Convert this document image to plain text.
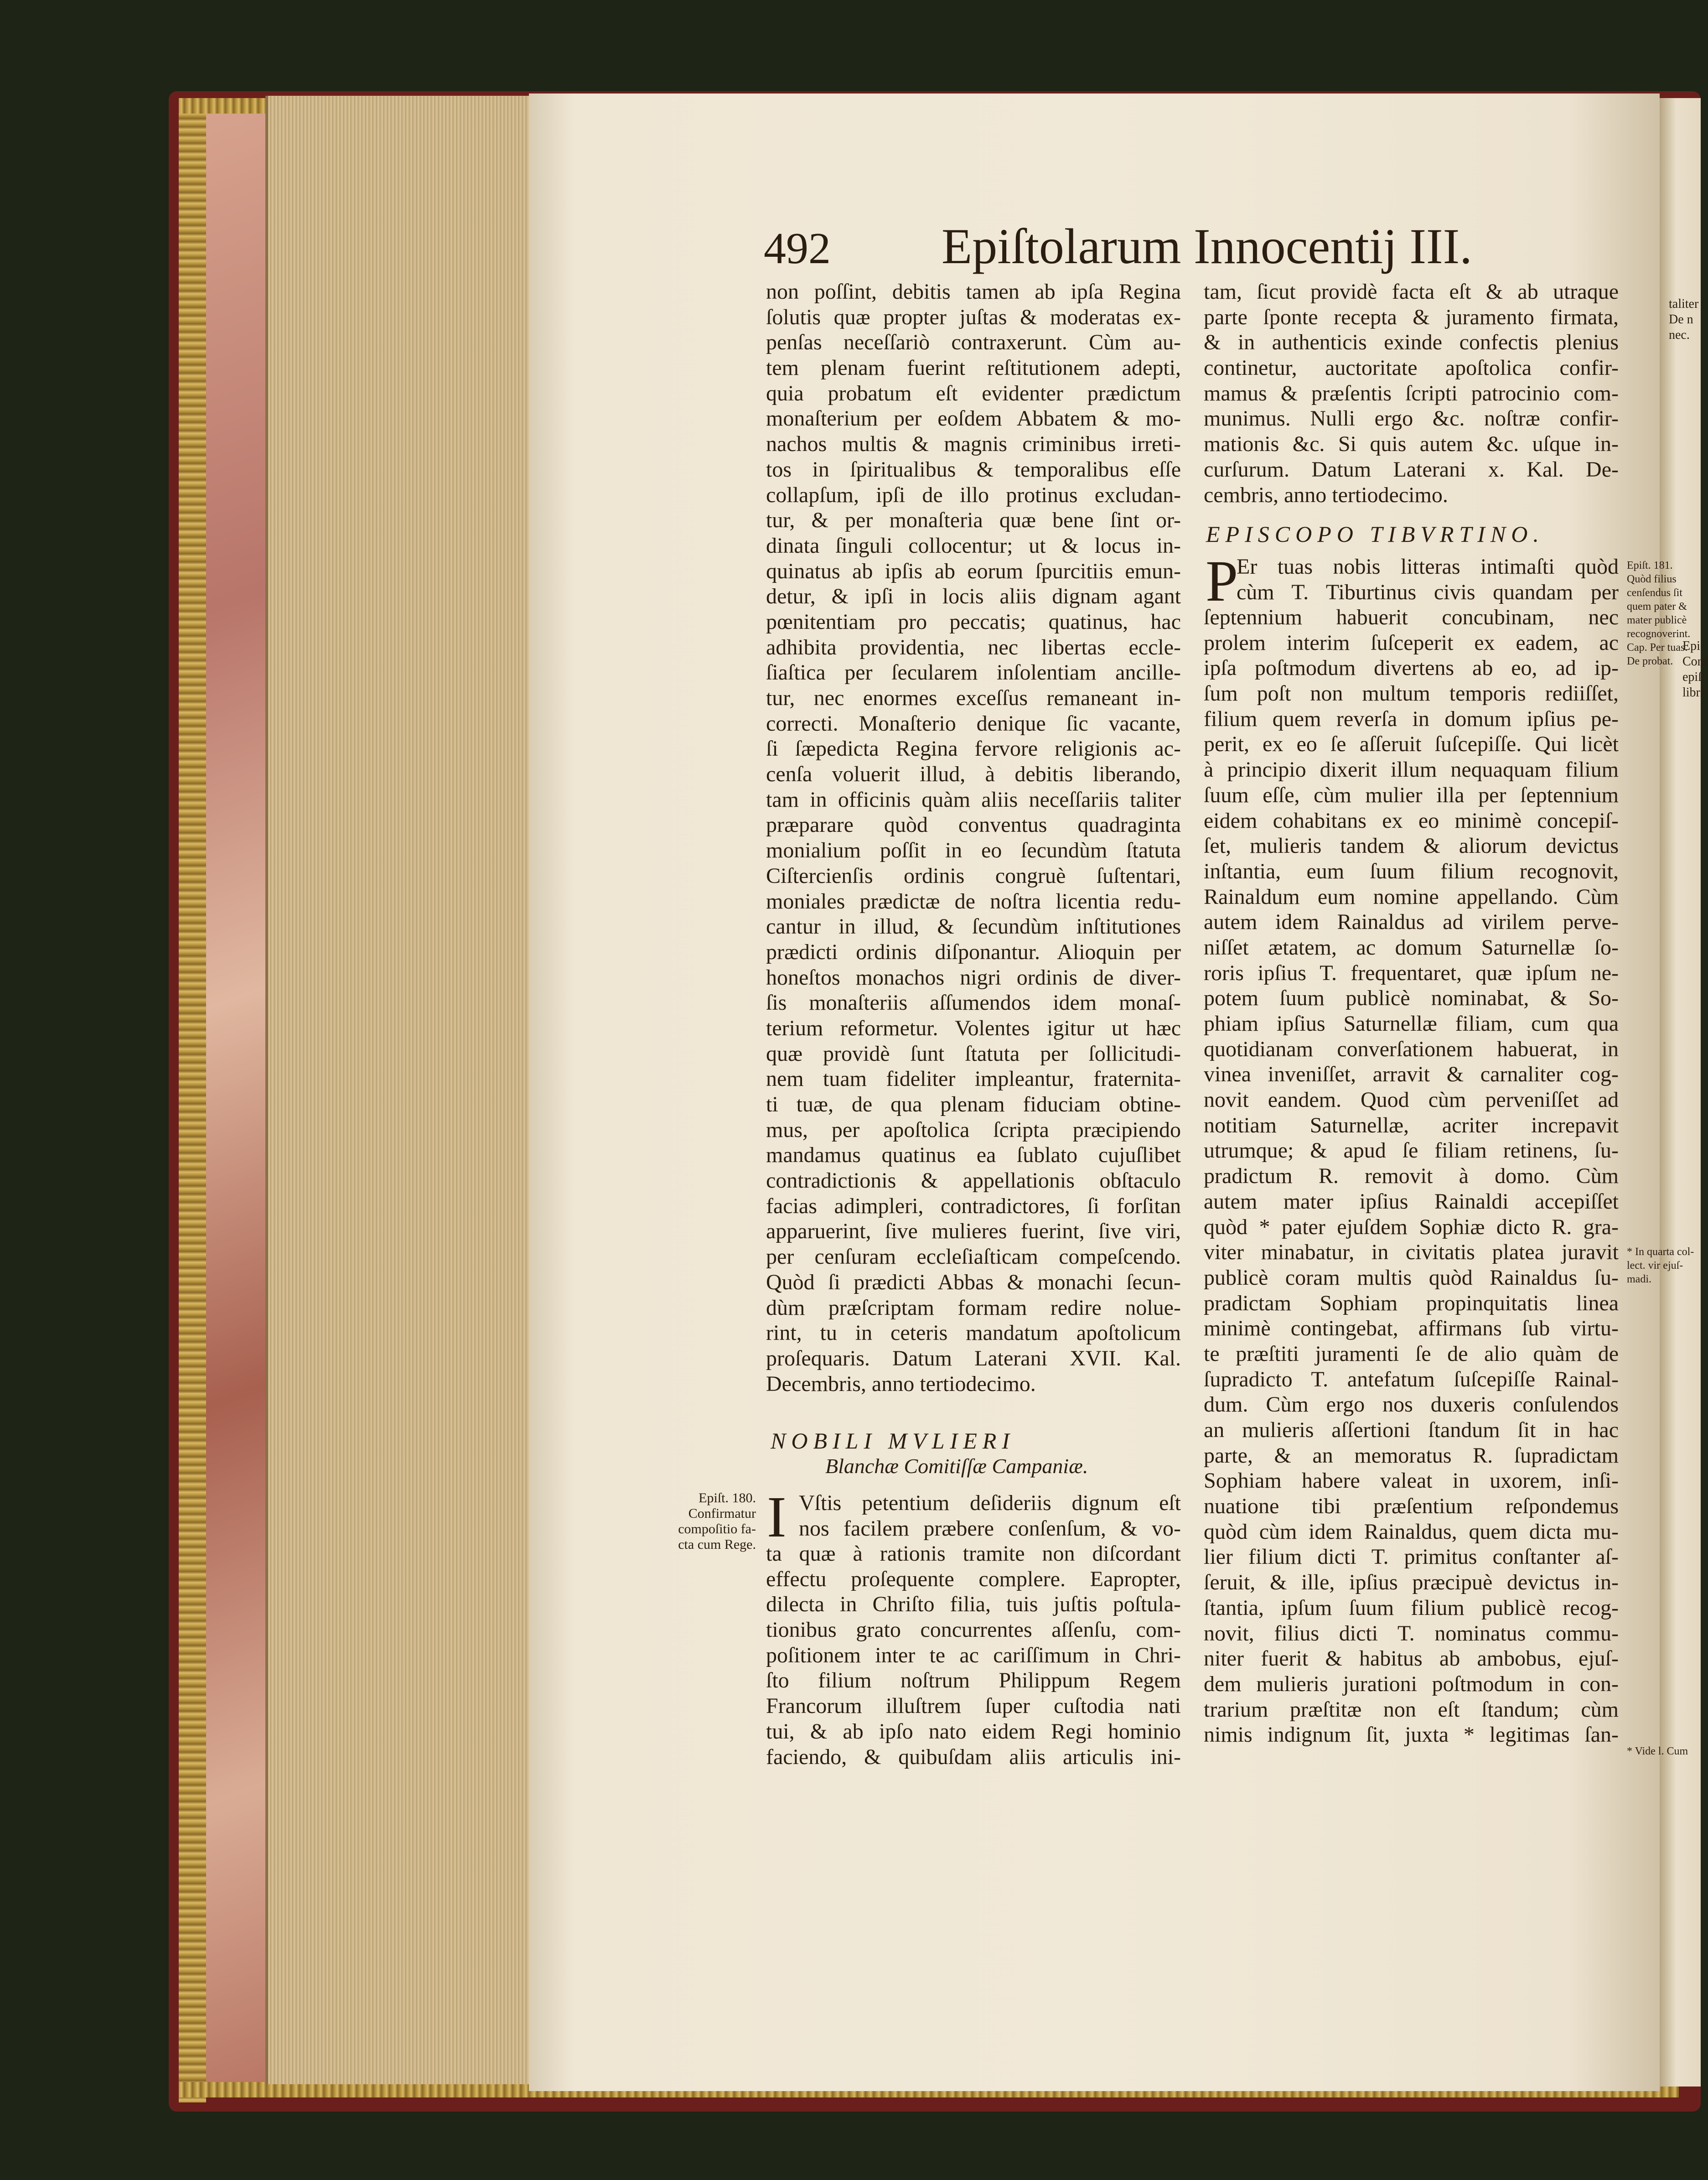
492 Epiſtolarum Innocentij III.
non poſſint, debitis tamen ab ipſa Regina
ſolutis quæ propter juſtas & moderatas ex-
penſas neceſſariò contraxerunt. Cùm au-
tem plenam fuerint reſtitutionem adepti,
quia probatum eſt evidenter prædictum
monaſterium per eoſdem Abbatem & mo-
nachos multis & magnis criminibus irreti-
tos in ſpiritualibus & temporalibus eſſe
collapſum, ipſi de illo protinus excludan-
tur, & per monaſteria quæ bene ſint or-
dinata ſinguli collocentur; ut & locus in-
quinatus ab ipſis ab eorum ſpurcitiis emun-
detur, & ipſi in locis aliis dignam agant
pœnitentiam pro peccatis; quatinus, hac
adhibita providentia, nec libertas eccle-
ſiaſtica per ſecularem inſolentiam ancille-
tur, nec enormes exceſſus remaneant in-
correcti. Monaſterio denique ſic vacante,
ſi ſæpedicta Regina fervore religionis ac-
cenſa voluerit illud, à debitis liberando,
tam in officinis quàm aliis neceſſariis taliter
præparare quòd conventus quadraginta
monialium poſſit in eo ſecundùm ſtatuta
Ciſtercienſis ordinis congruè ſuſtentari,
moniales prædictæ de noſtra licentia redu-
cantur in illud, & ſecundùm inſtitutiones
prædicti ordinis diſponantur. Alioquin per
honeſtos monachos nigri ordinis de diver-
ſis monaſteriis aſſumendos idem monaſ-
terium reformetur. Volentes igitur ut hæc
quæ providè ſunt ſtatuta per ſollicitudi-
nem tuam fideliter impleantur, fraternita-
ti tuæ, de qua plenam fiduciam obtine-
mus, per apoſtolica ſcripta præcipiendo
mandamus quatinus ea ſublato cujuſlibet
contradictionis & appellationis obſtaculo
facias adimpleri, contradictores, ſi forſitan
apparuerint, ſive mulieres fuerint, ſive viri,
per cenſuram eccleſiaſticam compeſcendo.
Quòd ſi prædicti Abbas & monachi ſecun-
dùm præſcriptam formam redire nolue-
rint, tu in ceteris mandatum apoſtolicum
proſequaris. Datum Laterani XVII. Kal.
Decembris, anno tertiodecimo.
NOBILI MVLIERI
Blanchæ Comitiſſæ Campaniæ.
I Vſtis petentium deſideriis dignum eſt
nos facilem præbere conſenſum, & vo-
ta quæ à rationis tramite non diſcordant
effectu proſequente complere. Eapropter,
dilecta in Chriſto filia, tuis juſtis poſtula-
tionibus grato concurrentes aſſenſu, com-
poſitionem inter te ac cariſſimum in Chri-
ſto filium noſtrum Philippum Regem
Francorum illuſtrem ſuper cuſtodia nati
tui, & ab ipſo nato eidem Regi hominio
faciendo, & quibuſdam aliis articulis ini-
Epiſt. 180.
Confirmatur
compoſitio fa-
cta cum Rege.
tam, ſicut providè facta eſt & ab utraque
parte ſponte recepta & juramento firmata,
& in authenticis exinde confectis plenius
continetur, auctoritate apoſtolica confir-
mamus & præſentis ſcripti patrocinio com-
munimus. Nulli ergo &c. noſtræ confir-
mationis &c. Si quis autem &c. uſque in-
curſurum. Datum Laterani x. Kal. De-
cembris, anno tertiodecimo.
EPISCOPO TIBVRTINO.
P
Er tuas nobis litteras intimaſti quòd
cùm T. Tiburtinus civis quandam per
ſeptennium habuerit concubinam, nec
prolem interim ſuſceperit ex eadem, ac
ipſa poſtmodum divertens ab eo, ad ip-
ſum poſt non multum temporis rediiſſet,
filium quem reverſa in domum ipſius pe-
perit, ex eo ſe aſſeruit ſuſcepiſſe. Qui licèt
à principio dixerit illum nequaquam filium
ſuum eſſe, cùm mulier illa per ſeptennium
eidem cohabitans ex eo minimè concepiſ-
ſet, mulieris tandem & aliorum devictus
inſtantia, eum ſuum filium recognovit,
Rainaldum eum nomine appellando. Cùm
autem idem Rainaldus ad virilem perve-
niſſet ætatem, ac domum Saturnellæ ſo-
roris ipſius T. frequentaret, quæ ipſum ne-
potem ſuum publicè nominabat, & So-
phiam ipſius Saturnellæ filiam, cum qua
quotidianam converſationem habuerat, in
vinea inveniſſet, arravit & carnaliter cog-
novit eandem. Quod cùm perveniſſet ad
notitiam Saturnellæ, acriter increpavit
utrumque; & apud ſe filiam retinens, ſu-
pradictum R. removit à domo. Cùm
autem mater ipſius Rainaldi accepiſſet
quòd * pater ejuſdem Sophiæ dicto R. gra-
viter minabatur, in civitatis platea juravit
publicè coram multis quòd Rainaldus ſu-
pradictam Sophiam propinquitatis linea
minimè contingebat, affirmans ſub virtu-
te præſtiti juramenti ſe de alio quàm de
ſupradicto T. antefatum ſuſcepiſſe Rainal-
dum. Cùm ergo nos duxeris conſulendos
an mulieris aſſertioni ſtandum ſit in hac
parte, & an memoratus R. ſupradictam
Sophiam habere valeat in uxorem, inſi-
nuatione tibi præſentium reſpondemus
quòd cùm idem Rainaldus, quem dicta mu-
lier filium dicti T. primitus conſtanter aſ-
ſeruit, & ille, ipſius præcipuè devictus in-
ſtantia, ipſum ſuum filium publicè recog-
novit, filius dicti T. nominatus commu-
niter fuerit & habitus ab ambobus, ejuſ-
dem mulieris jurationi poſtmodum in con-
trarium præſtitæ non eſt ſtandum; cùm
nimis indignum ſit, juxta * legitimas ſan-
Epiſt. 181.
Quòd filius
cenſendus ſit
quem pater &
mater publicè
recognoverint.
Cap. Per tuas.
De probat.
* In quarta col-
lect. vir ejuſ-
madi.
* Vide l. Cum
taliter
De n
nec.
Epi
Conf
epiſt
libri
